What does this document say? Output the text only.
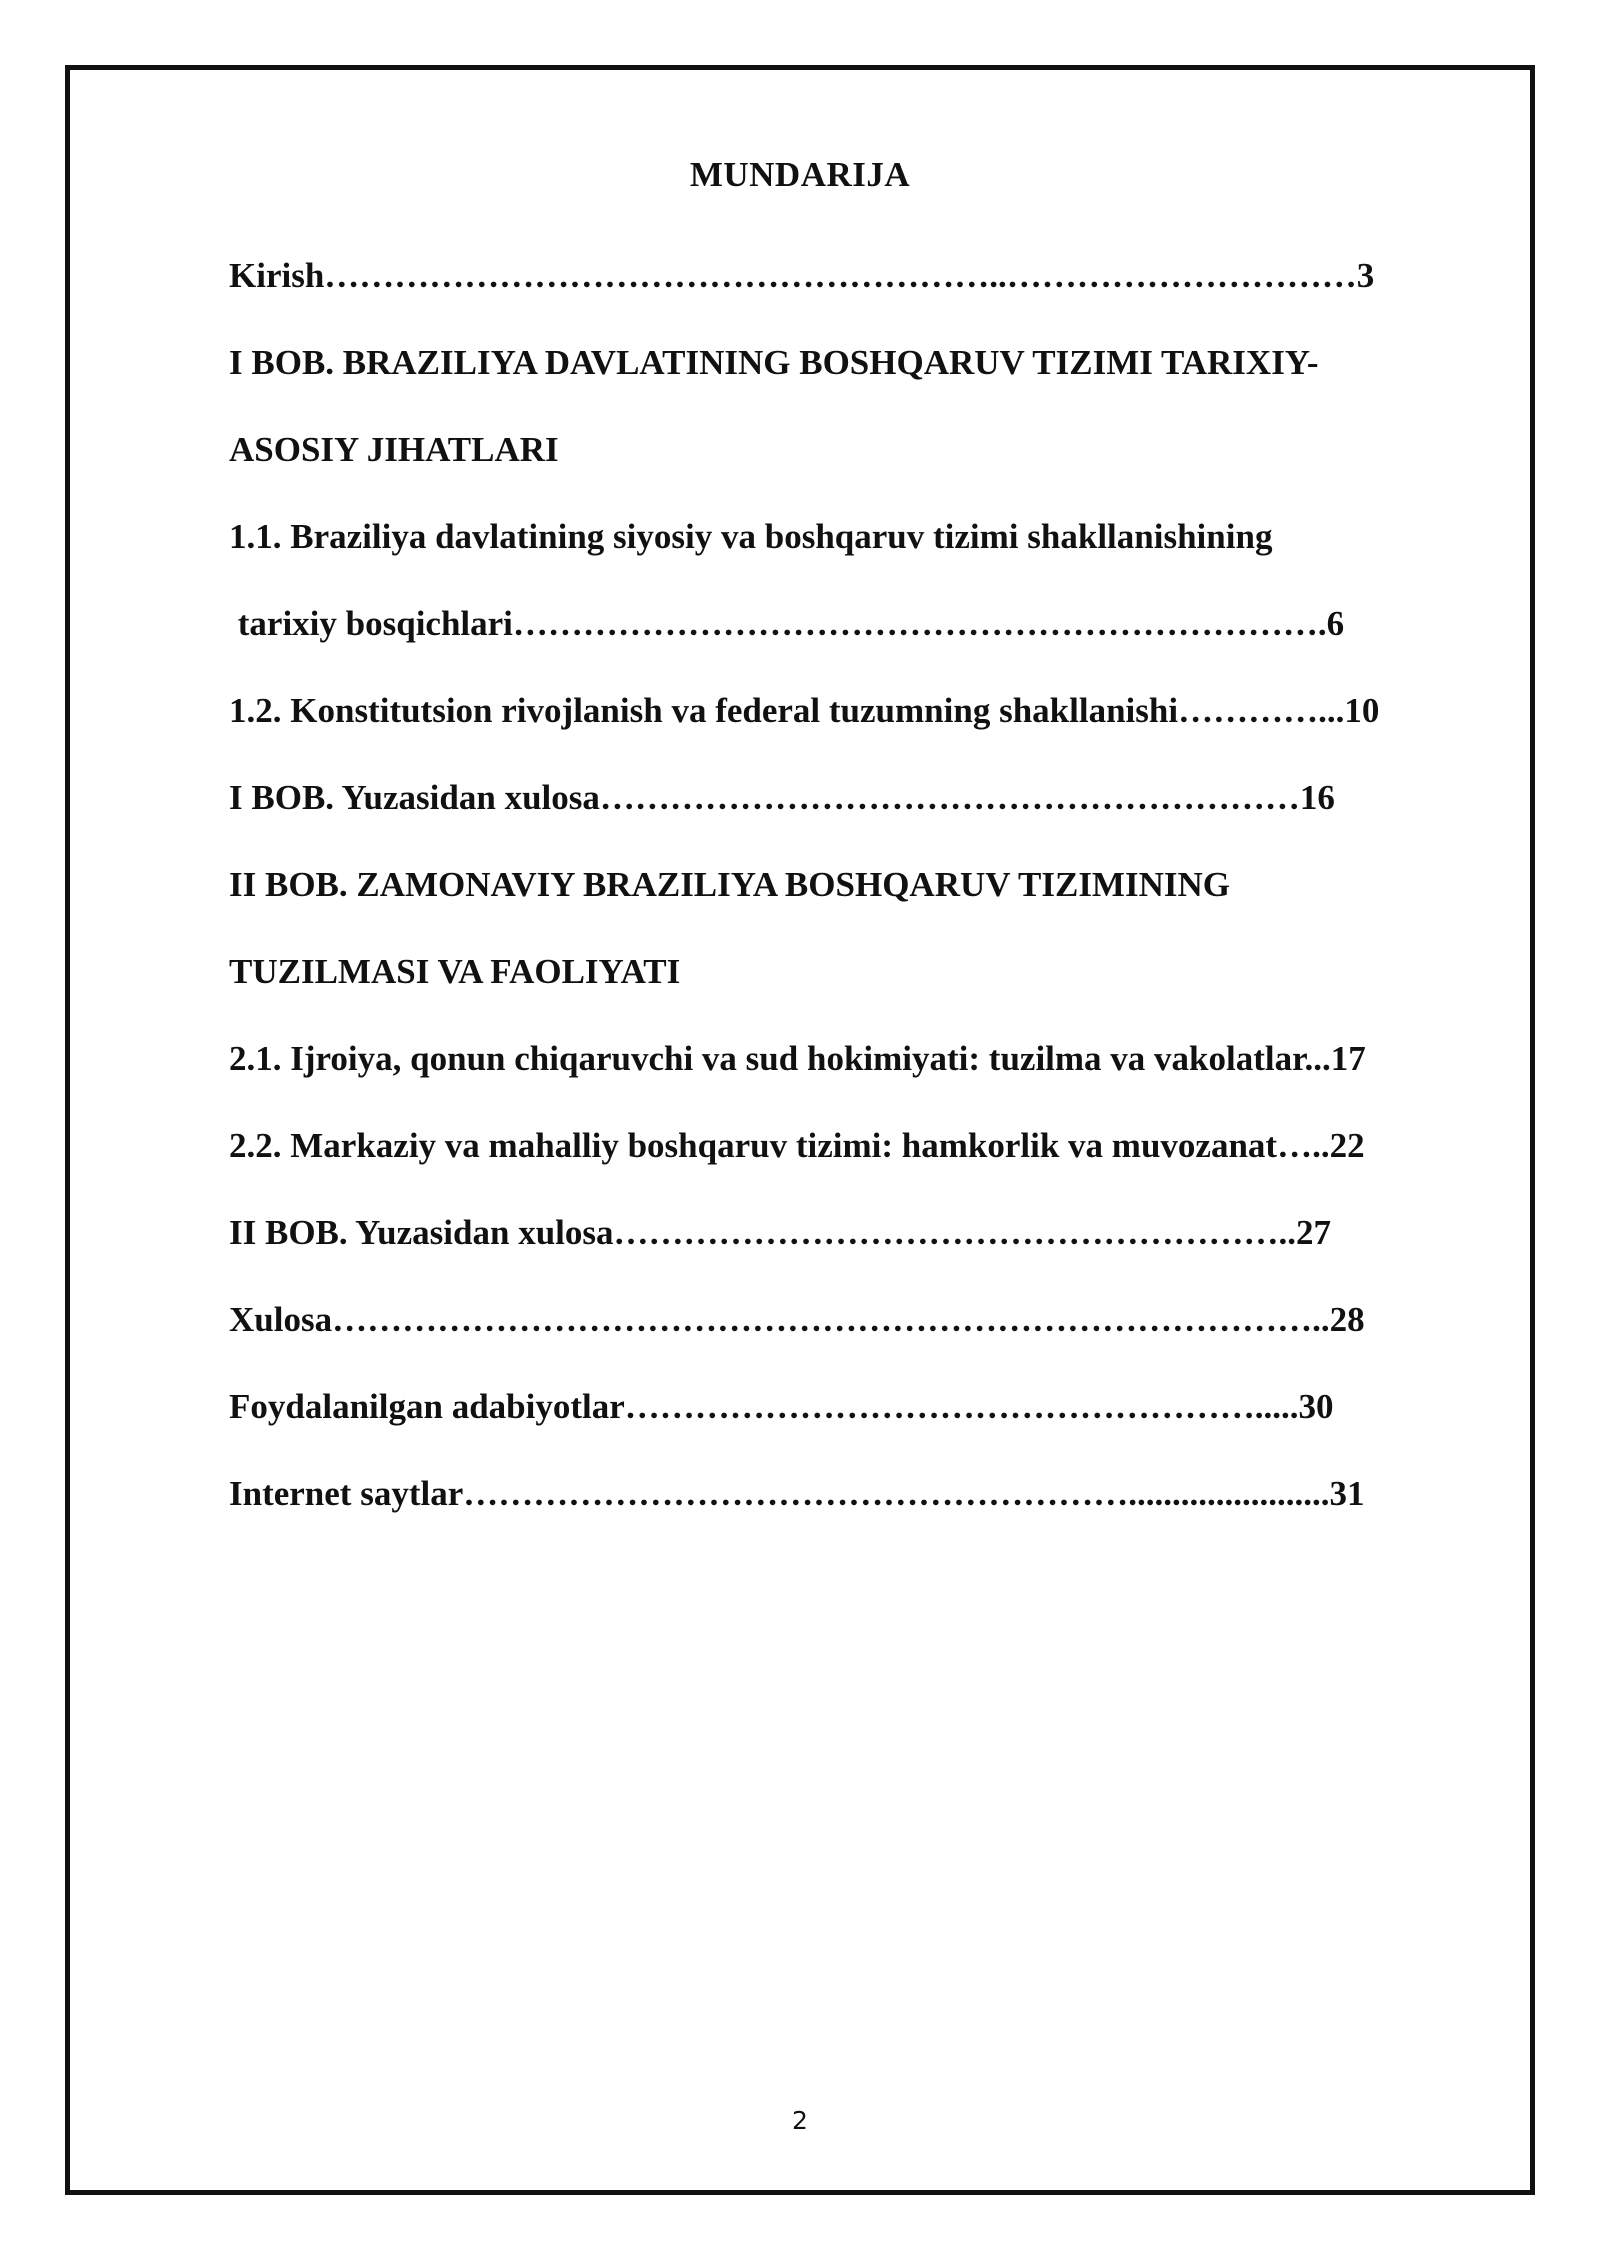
MUNDARIJA
Kirish…………………………………………………..…………………………3
I BOB. BRAZILIYA DAVLATINING BOSHQARUV TIZIMI TARIXIY-
ASOSIY JIHATLARI
1.1. Braziliya davlatining siyosiy va boshqaruv tizimi shakllanishining
tarixiy bosqichlari…………………………………………………………….6
1.2. Konstitutsion rivojlanish va federal tuzumning shakllanishi…………...10
I BOB. Yuzasidan xulosa……………………………………………………16
II BOB. ZAMONAVIY BRAZILIYA BOSHQARUV TIZIMINING
TUZILMASI VA FAOLIYATI
2.1. Ijroiya, qonun chiqaruvchi va sud hokimiyati: tuzilma va vakolatlar...17
2.2. Markaziy va mahalliy boshqaruv tizimi: hamkorlik va muvozanat…..22
II BOB. Yuzasidan xulosa…………………………………………………..27
Xulosa…………………………………………………………………………..28
Foydalanilgan adabiyotlar……………………………………………….....30
Internet saytlar………………………………………………….......................31
2
